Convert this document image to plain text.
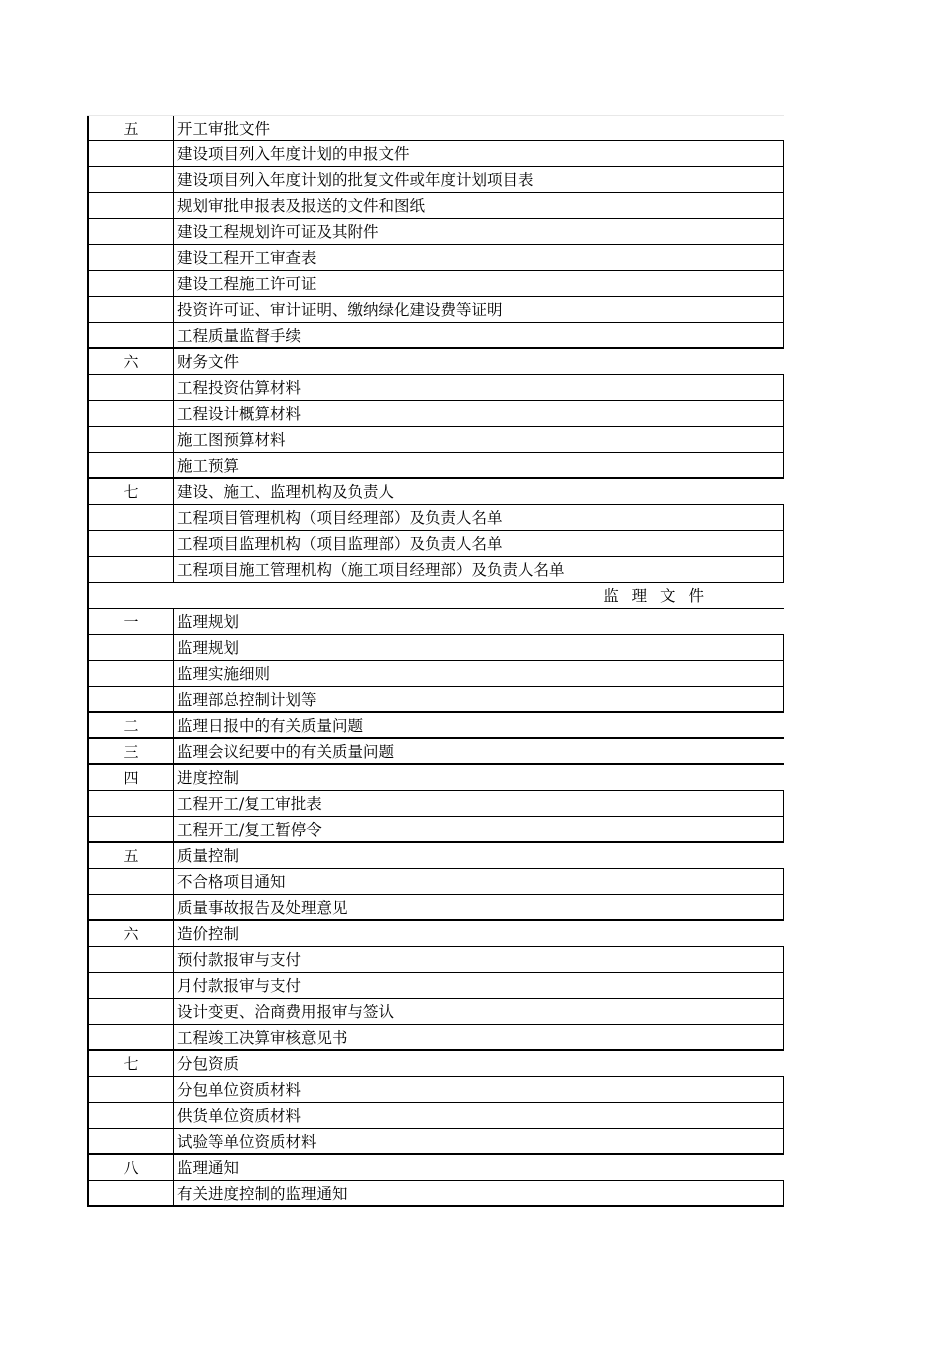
五	开工审批文件
建设项目列入年度计划的申报文件
建设项目列入年度计划的批复文件或年度计划项目表
规划审批申报表及报送的文件和图纸
建设工程规划许可证及其附件
建设工程开工审查表
建设工程施工许可证
投资许可证、审计证明、缴纳绿化建设费等证明
工程质量监督手续
六	财务文件
工程投资估算材料
工程设计概算材料
施工图预算材料
施工预算
七	建设、施工、监理机构及负责人
工程项目管理机构（项目经理部）及负责人名单
工程项目监理机构（项目监理部）及负责人名单
工程项目施工管理机构（施工项目经理部）及负责人名单
监 理 文 件
一	监理规划
监理规划
监理实施细则
监理部总控制计划等
二	监理日报中的有关质量问题
三	监理会议纪要中的有关质量问题
四	进度控制
工程开工/复工审批表
工程开工/复工暂停令
五	质量控制
不合格项目通知
质量事故报告及处理意见
六	造价控制
预付款报审与支付
月付款报审与支付
设计变更、洽商费用报审与签认
工程竣工决算审核意见书
七	分包资质
分包单位资质材料
供货单位资质材料
试验等单位资质材料
八	监理通知
有关进度控制的监理通知
